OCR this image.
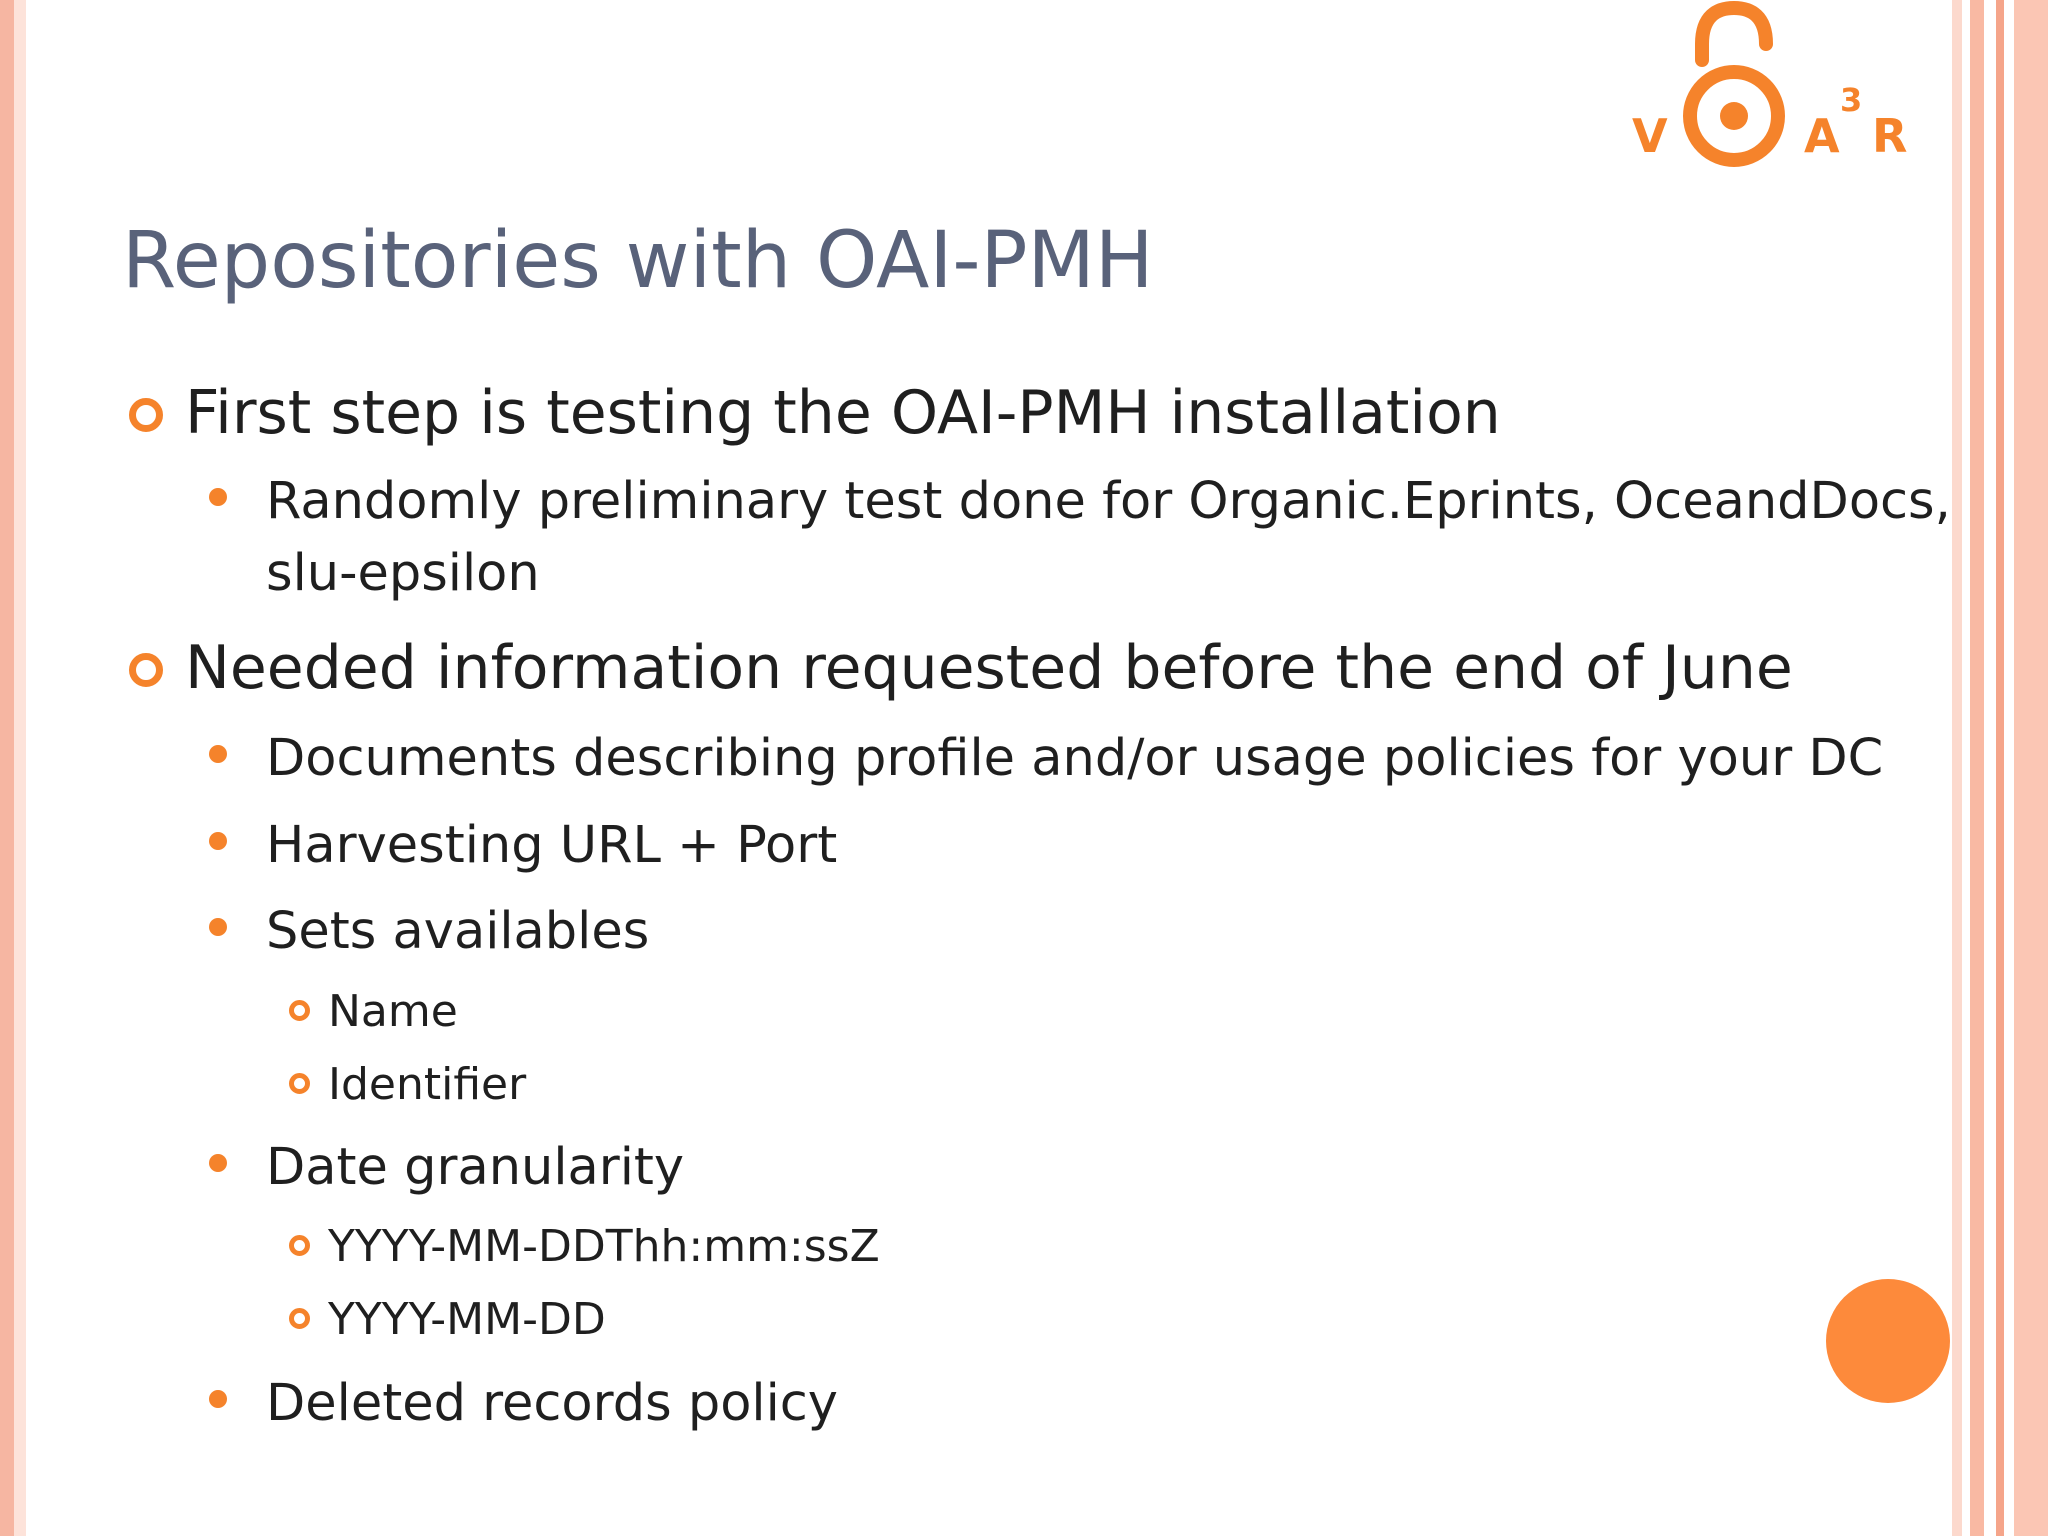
V	A
3
R
Repositories with OAI-PMH
First step is testing the OAI-PMH installation
Randomly preliminary test done for Organic.Eprints, OceandDocs,
slu-epsilon
Needed information requested before the end of June
Documents describing profile and/or usage policies for your DC
Harvesting URL + Port
Sets availables
Name
Identifier
Date granularity
YYYY-MM-DDThh:mm:ssZ
YYYY-MM-DD
Deleted records policy
